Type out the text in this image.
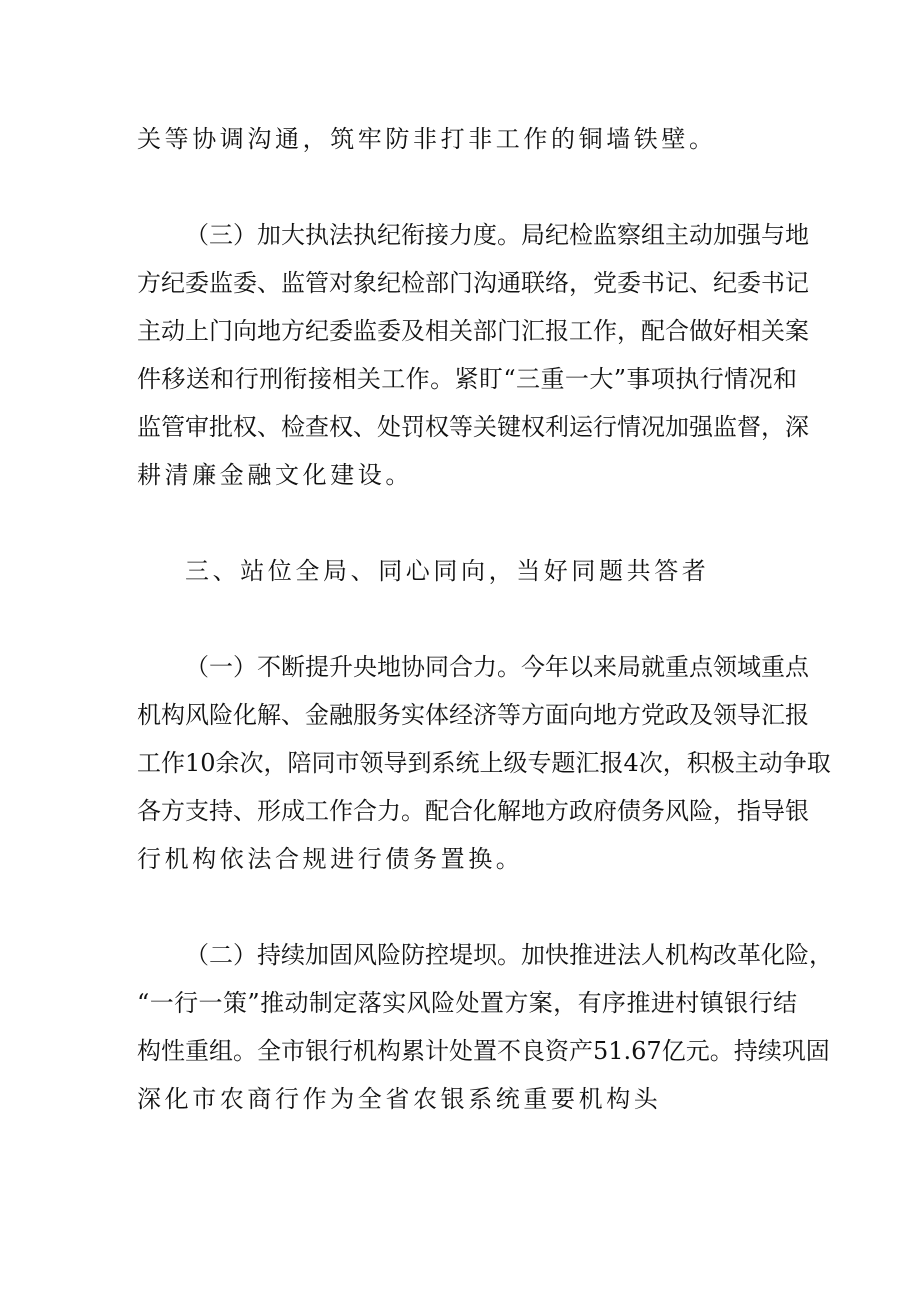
关等协调沟通，筑牢防非打非工作的铜墙铁壁。
（三）加大执法执纪衔接力度。局纪检监察组主动加强与地
方纪委监委、监管对象纪检部门沟通联络，党委书记、纪委书记
主动上门向地方纪委监委及相关部门汇报工作，配合做好相关案
件移送和行刑衔接相关工作。紧盯“三重一大”事项执行情况和
监管审批权、检查权、处罚权等关键权利运行情况加强监督，深
耕清廉金融文化建设。
三、站位全局、同心同向，当好同题共答者
（一）不断提升央地协同合力。今年以来局就重点领域重点
机构风险化解、金融服务实体经济等方面向地方党政及领导汇报
工作10余次，陪同市领导到系统上级专题汇报4次，积极主动争取
各方支持、形成工作合力。配合化解地方政府债务风险，指导银
行机构依法合规进行债务置换。
（二）持续加固风险防控堤坝。加快推进法人机构改革化险，
“一行一策”推动制定落实风险处置方案，有序推进村镇银行结
构性重组。全市银行机构累计处置不良资产51.67亿元。持续巩固
深化市农商行作为全省农银系统重要机构头
